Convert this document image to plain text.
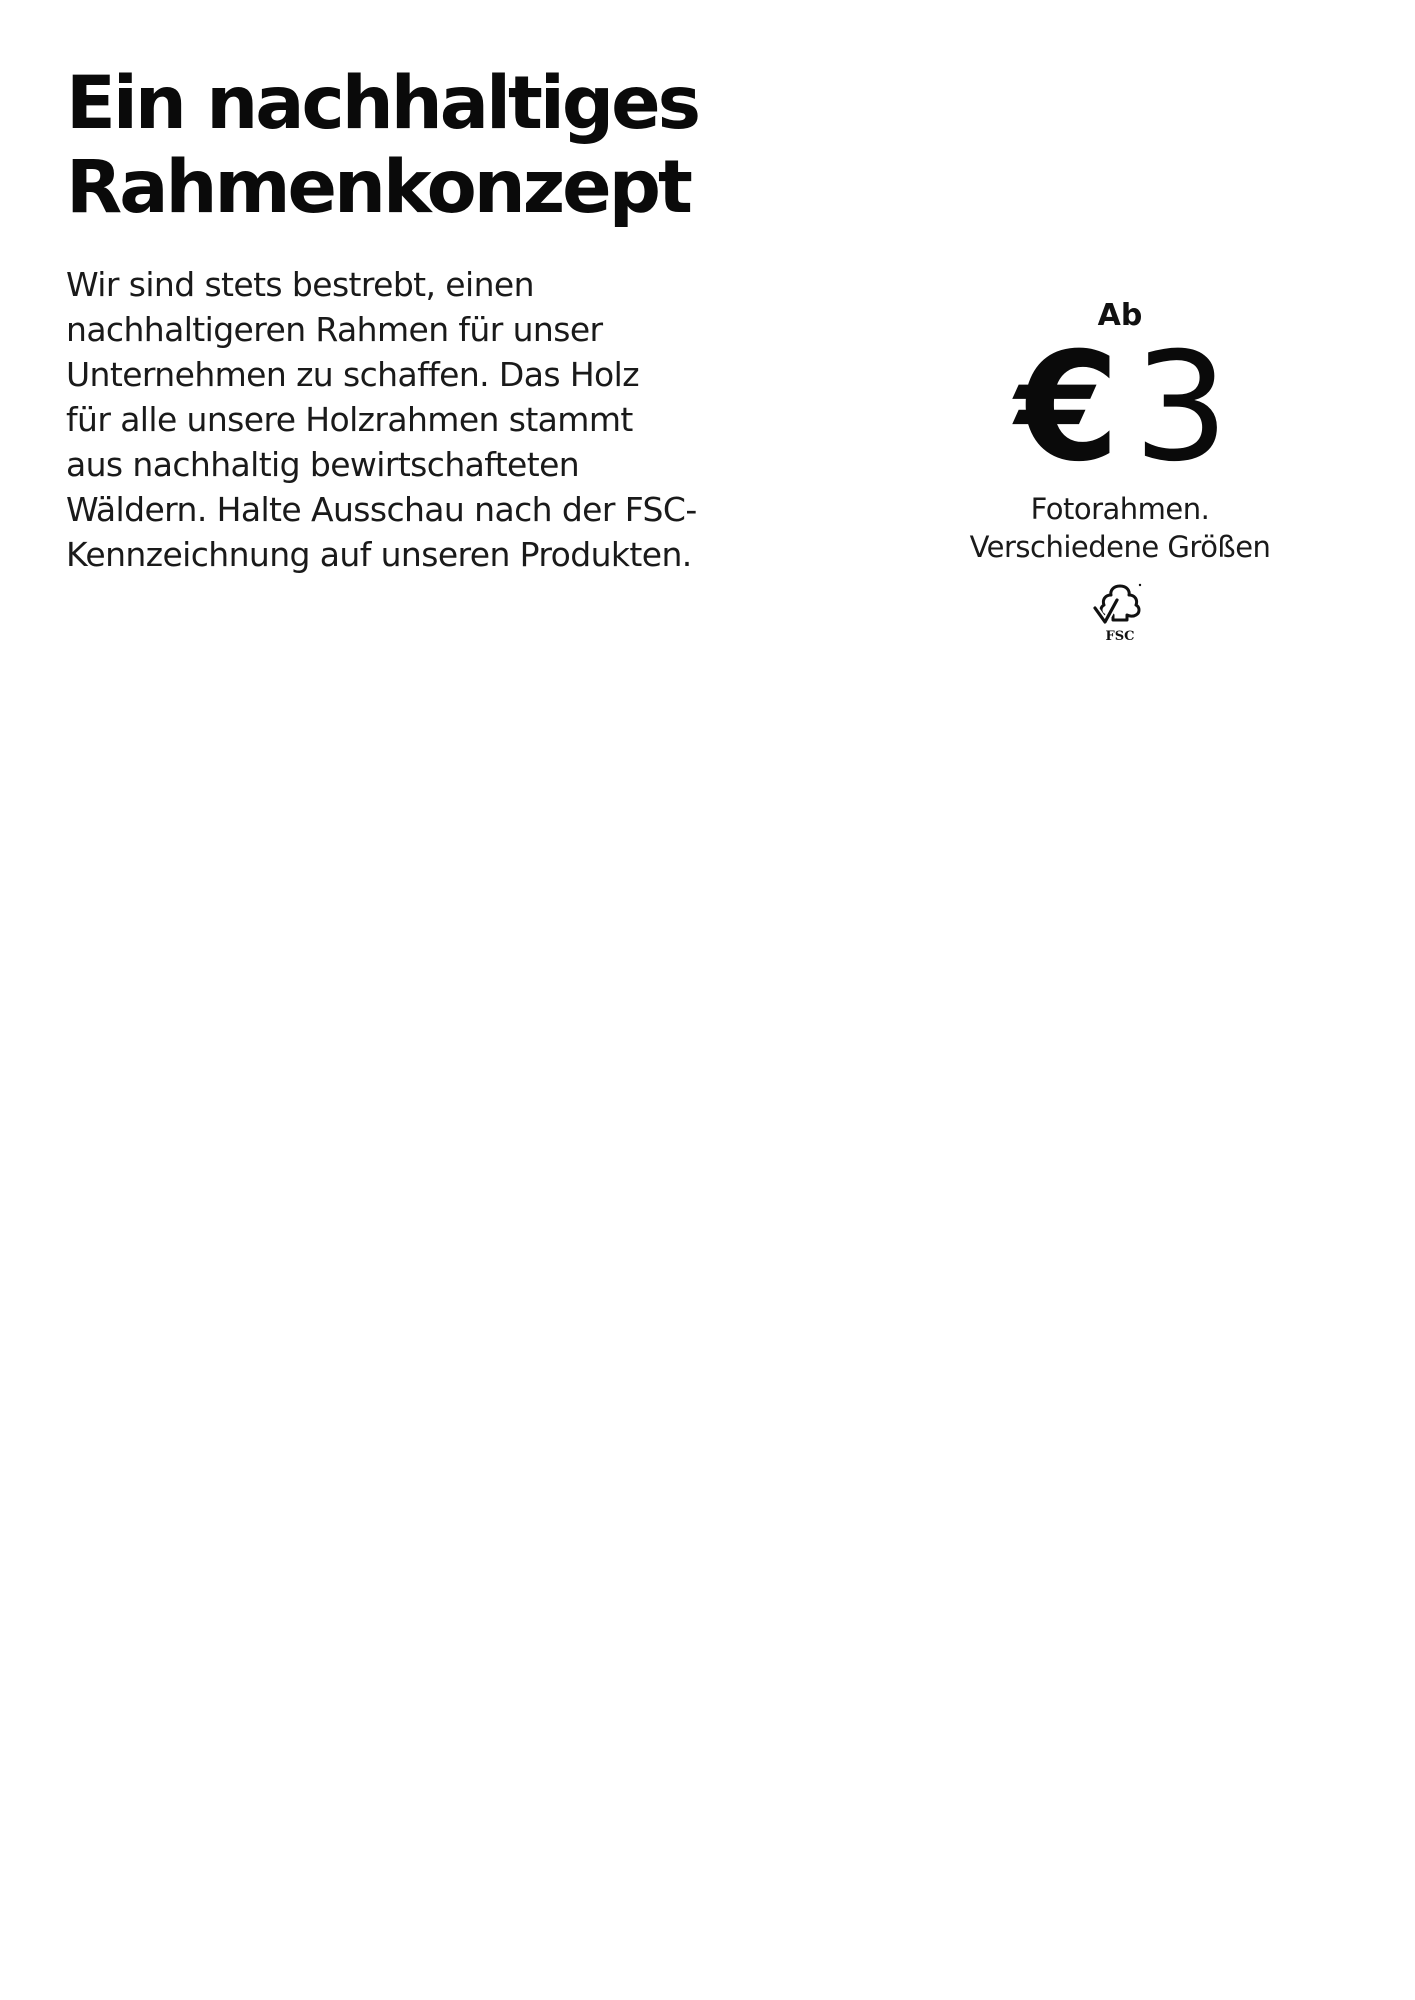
Ein nachhaltiges
Rahmenkonzept

Wir sind stets bestrebt, einen
nachhaltigeren Rahmen für unser
Unternehmen zu schaffen. Das Holz
für alle unsere Holzrahmen stammt
aus nachhaltig bewirtschafteten
Wäldern. Halte Ausschau nach der FSC-
Kennzeichnung auf unseren Produkten.

Ab
€3
Fotorahmen.
Verschiedene Größen
FSC
